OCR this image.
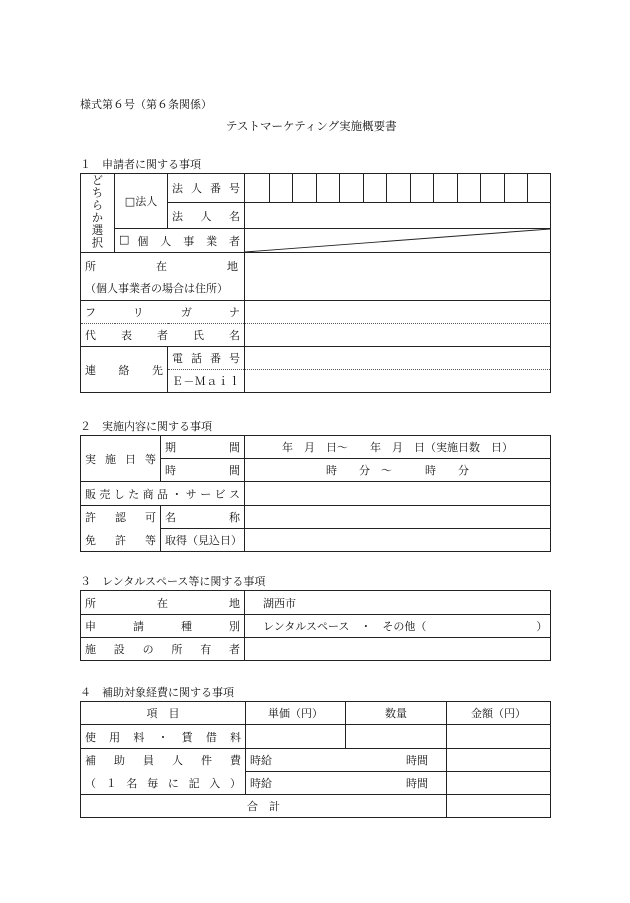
様式第６号（第６条関係）
テストマーケティング実施概要書
１　申請者に関する事項
どちらか選択	□法人	法人番号	

		法人名	

	□ 個人事業者

所在地
（個人事業者の場合は住所）			

フリガナ			
代表者氏名			
連絡先		電話番号	
		Ｅ－Ｍａｉｌ	
２　実施内容に関する事項
実施日等	期間	年　月　日～　　年　月　日（実施日数　日）
	時間	時　　分　～　　　時　　分
販売した商品・サービス		
許認可	名称	
免許等	取得（見込日）	
３　レンタルスペース等に関する事項
所在地	湖西市
申請種別	レンタルスペース　・　その他（　　　　　　　　　　）
施設の所有者	
４　補助対象経費に関する事項
項　目	単価（円）	数量	金額（円）
使用料・賃借料			
補助員人件費	時給 時間		

（１名毎に記入）	時給 時間		

合　計			
